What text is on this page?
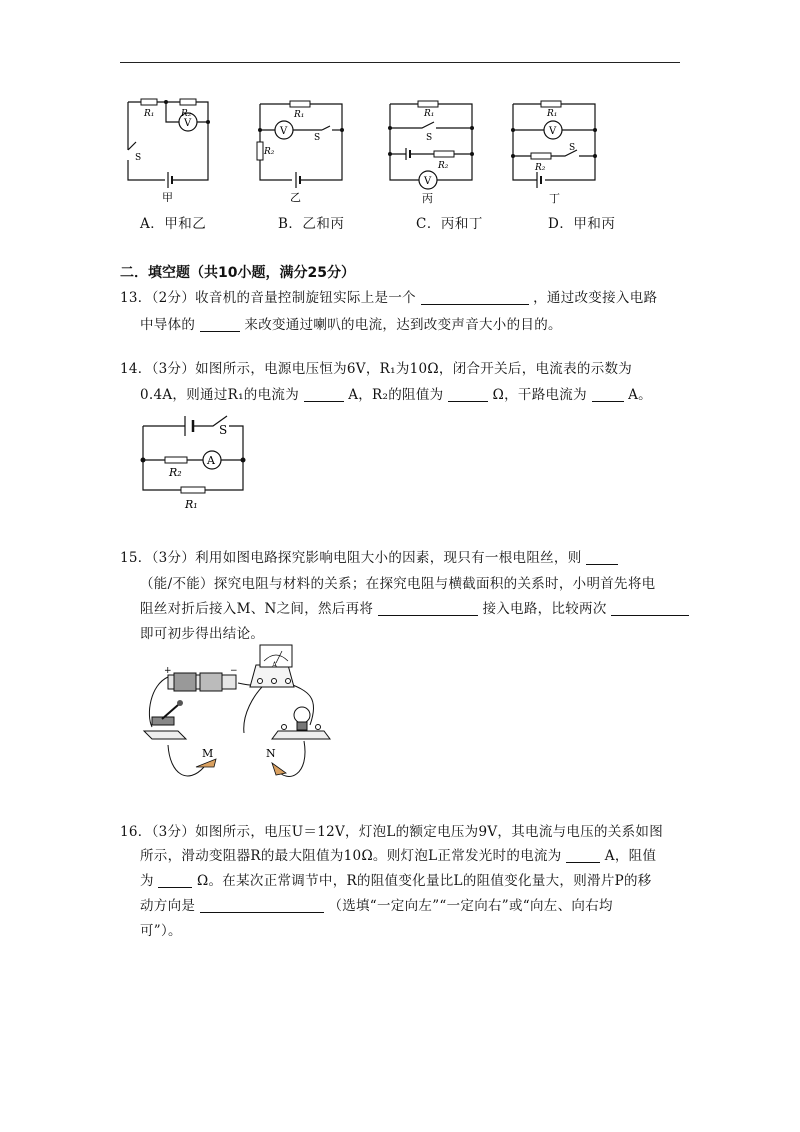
R₁	R₂
V
S
甲
R₁
V
S
R₂
乙
R₁
S
R₂
V
丙
R₁
V
R₂
S
丁
A．甲和乙	B．乙和丙	C．丙和丁	D．甲和丙
二．填空题（共10小题，满分25分）
13．（2分）收音机的音量控制旋钮实际上是一个	，通过改变接入电路
中导体的	来改变通过喇叭的电流，达到改变声音大小的目的。
14．（3分）如图所示，电源电压恒为6V，R₁为10Ω，闭合开关后，电流表的示数为
0.4A，则通过R₁的电流为	A，R₂的阻值为	Ω，干路电流为	A。
S
A
R₂
R₁
15．（3分）利用如图电路探究影响电阻大小的因素，现只有一根电阻丝，则
（能/不能）探究电阻与材料的关系；在探究电阻与横截面积的关系时，小明首先将电
阻丝对折后接入M、N之间，然后再将	接入电路，比较两次
即可初步得出结论。
+	−
A
M	N
16．（3分）如图所示，电压U＝12V，灯泡L的额定电压为9V，其电流与电压的关系如图
所示，滑动变阻器R的最大阻值为10Ω。则灯泡L正常发光时的电流为	A，阻值
为	Ω。在某次正常调节中，R的阻值变化量比L的阻值变化量大，则滑片P的移
动方向是	（选填“一定向左”“一定向右”或“向左、向右均
可”）。
